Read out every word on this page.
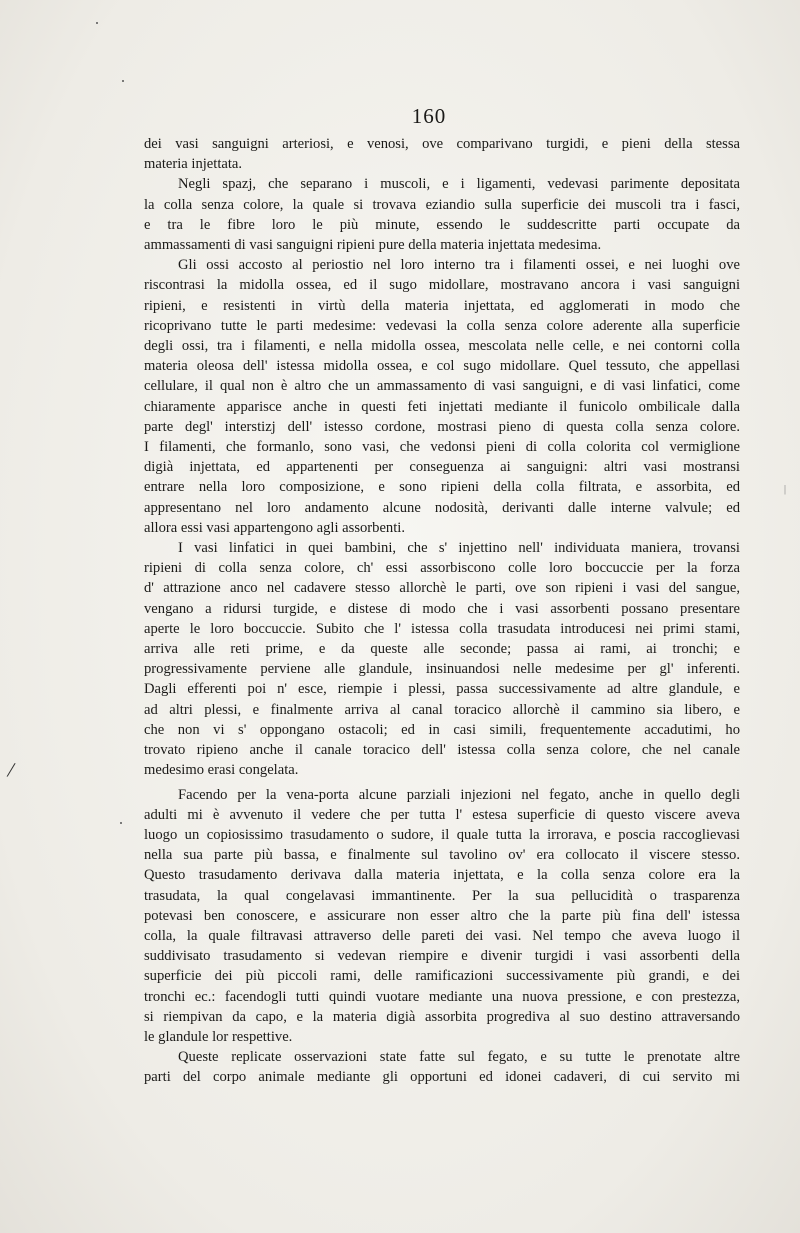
160
dei vasi sanguigni arteriosi, e venosi, ove comparivano turgidi, e pieni della stessa
materia injettata.
Negli spazj, che separano i muscoli, e i ligamenti, vedevasi parimente depositata
la colla senza colore, la quale si trovava eziandio sulla superficie dei muscoli tra i fasci,
e tra le fibre loro le più minute, essendo le suddescritte parti occupate da
ammassamenti di vasi sanguigni ripieni pure della materia injettata medesima.
Gli ossi accosto al periostio nel loro interno tra i filamenti ossei, e nei luoghi ove
riscontrasi la midolla ossea, ed il sugo midollare, mostravano ancora i vasi sanguigni
ripieni, e resistenti in virtù della materia injettata, ed agglomerati in modo che
ricoprivano tutte le parti medesime: vedevasi la colla senza colore aderente alla superficie
degli ossi, tra i filamenti, e nella midolla ossea, mescolata nelle celle, e nei contorni colla
materia oleosa dell' istessa midolla ossea, e col sugo midollare. Quel tessuto, che appellasi
cellulare, il qual non è altro che un ammassamento di vasi sanguigni, e di vasi linfatici, come
chiaramente apparisce anche in questi feti injettati mediante il funicolo ombilicale dalla
parte degl' interstizj dell' istesso cordone, mostrasi pieno di questa colla senza colore.
I filamenti, che formanlo, sono vasi, che vedonsi pieni di colla colorita col vermiglione
digià injettata, ed appartenenti per conseguenza ai sanguigni: altri vasi mostransi
entrare nella loro composizione, e sono ripieni della colla filtrata, e assorbita, ed
appresentano nel loro andamento alcune nodosità, derivanti dalle interne valvule; ed
allora essi vasi appartengono agli assorbenti.
I vasi linfatici in quei bambini, che s' injettino nell' individuata maniera, trovansi
ripieni di colla senza colore, ch' essi assorbiscono colle loro boccuccie per la forza
d' attrazione anco nel cadavere stesso allorchè le parti, ove son ripieni i vasi del sangue,
vengano a ridursi turgide, e distese di modo che i vasi assorbenti possano presentare
aperte le loro boccuccie. Subito che l' istessa colla trasudata introducesi nei primi stami,
arriva alle reti prime, e da queste alle seconde; passa ai rami, ai tronchi; e
progressivamente perviene alle glandule, insinuandosi nelle medesime per gl' inferenti.
Dagli efferenti poi n' esce, riempie i plessi, passa successivamente ad altre glandule, e
ad altri plessi, e finalmente arriva al canal toracico allorchè il cammino sia libero, e
che non vi s' oppongano ostacoli; ed in casi simili, frequentemente accadutimi, ho
trovato ripieno anche il canale toracico dell' istessa colla senza colore, che nel canale
medesimo erasi congelata.
Facendo per la vena-porta alcune parziali injezioni nel fegato, anche in quello degli
adulti mi è avvenuto il vedere che per tutta l' estesa superficie di questo viscere aveva
luogo un copiosissimo trasudamento o sudore, il quale tutta la irrorava, e poscia raccoglievasi
nella sua parte più bassa, e finalmente sul tavolino ov' era collocato il viscere stesso.
Questo trasudamento derivava dalla materia injettata, e la colla senza colore era la
trasudata, la qual congelavasi immantinente. Per la sua pellucidità o trasparenza
potevasi ben conoscere, e assicurare non esser altro che la parte più fina dell' istessa
colla, la quale filtravasi attraverso delle pareti dei vasi. Nel tempo che aveva luogo il
suddivisato trasudamento si vedevan riempire e divenir turgidi i vasi assorbenti della
superficie dei più piccoli rami, delle ramificazioni successivamente più grandi, e dei
tronchi ec.: facendogli tutti quindi vuotare mediante una nuova pressione, e con prestezza,
si riempivan da capo, e la materia digià assorbita progrediva al suo destino attraversando
le glandule lor respettive.
Queste replicate osservazioni state fatte sul fegato, e su tutte le prenotate altre
parti del corpo animale mediante gli opportuni ed idonei cadaveri, di cui servito mi
/
|
